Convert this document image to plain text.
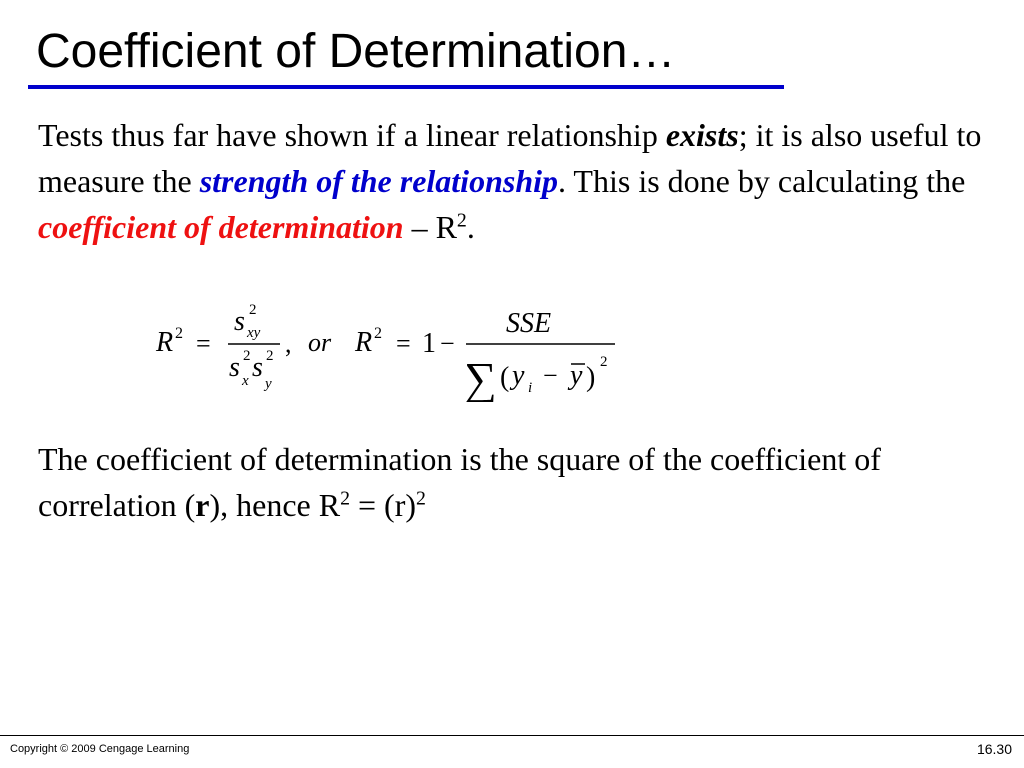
Coefficient of Determination…
Tests thus far have shown if a linear relationship exists; it is also useful to measure the strength of the relationship. This is done by calculating the coefficient of determination – $R^2$.
R 2 =
s 2
xy
s 2
x s 2
y
, or R 2 = 1 −
SSE
∑ ( y i − y ) 2
The coefficient of determination is the square of the coefficient of correlation (r), hence $R^2 = (r)^2$
Copyright © 2009 Cengage Learning	16.30
